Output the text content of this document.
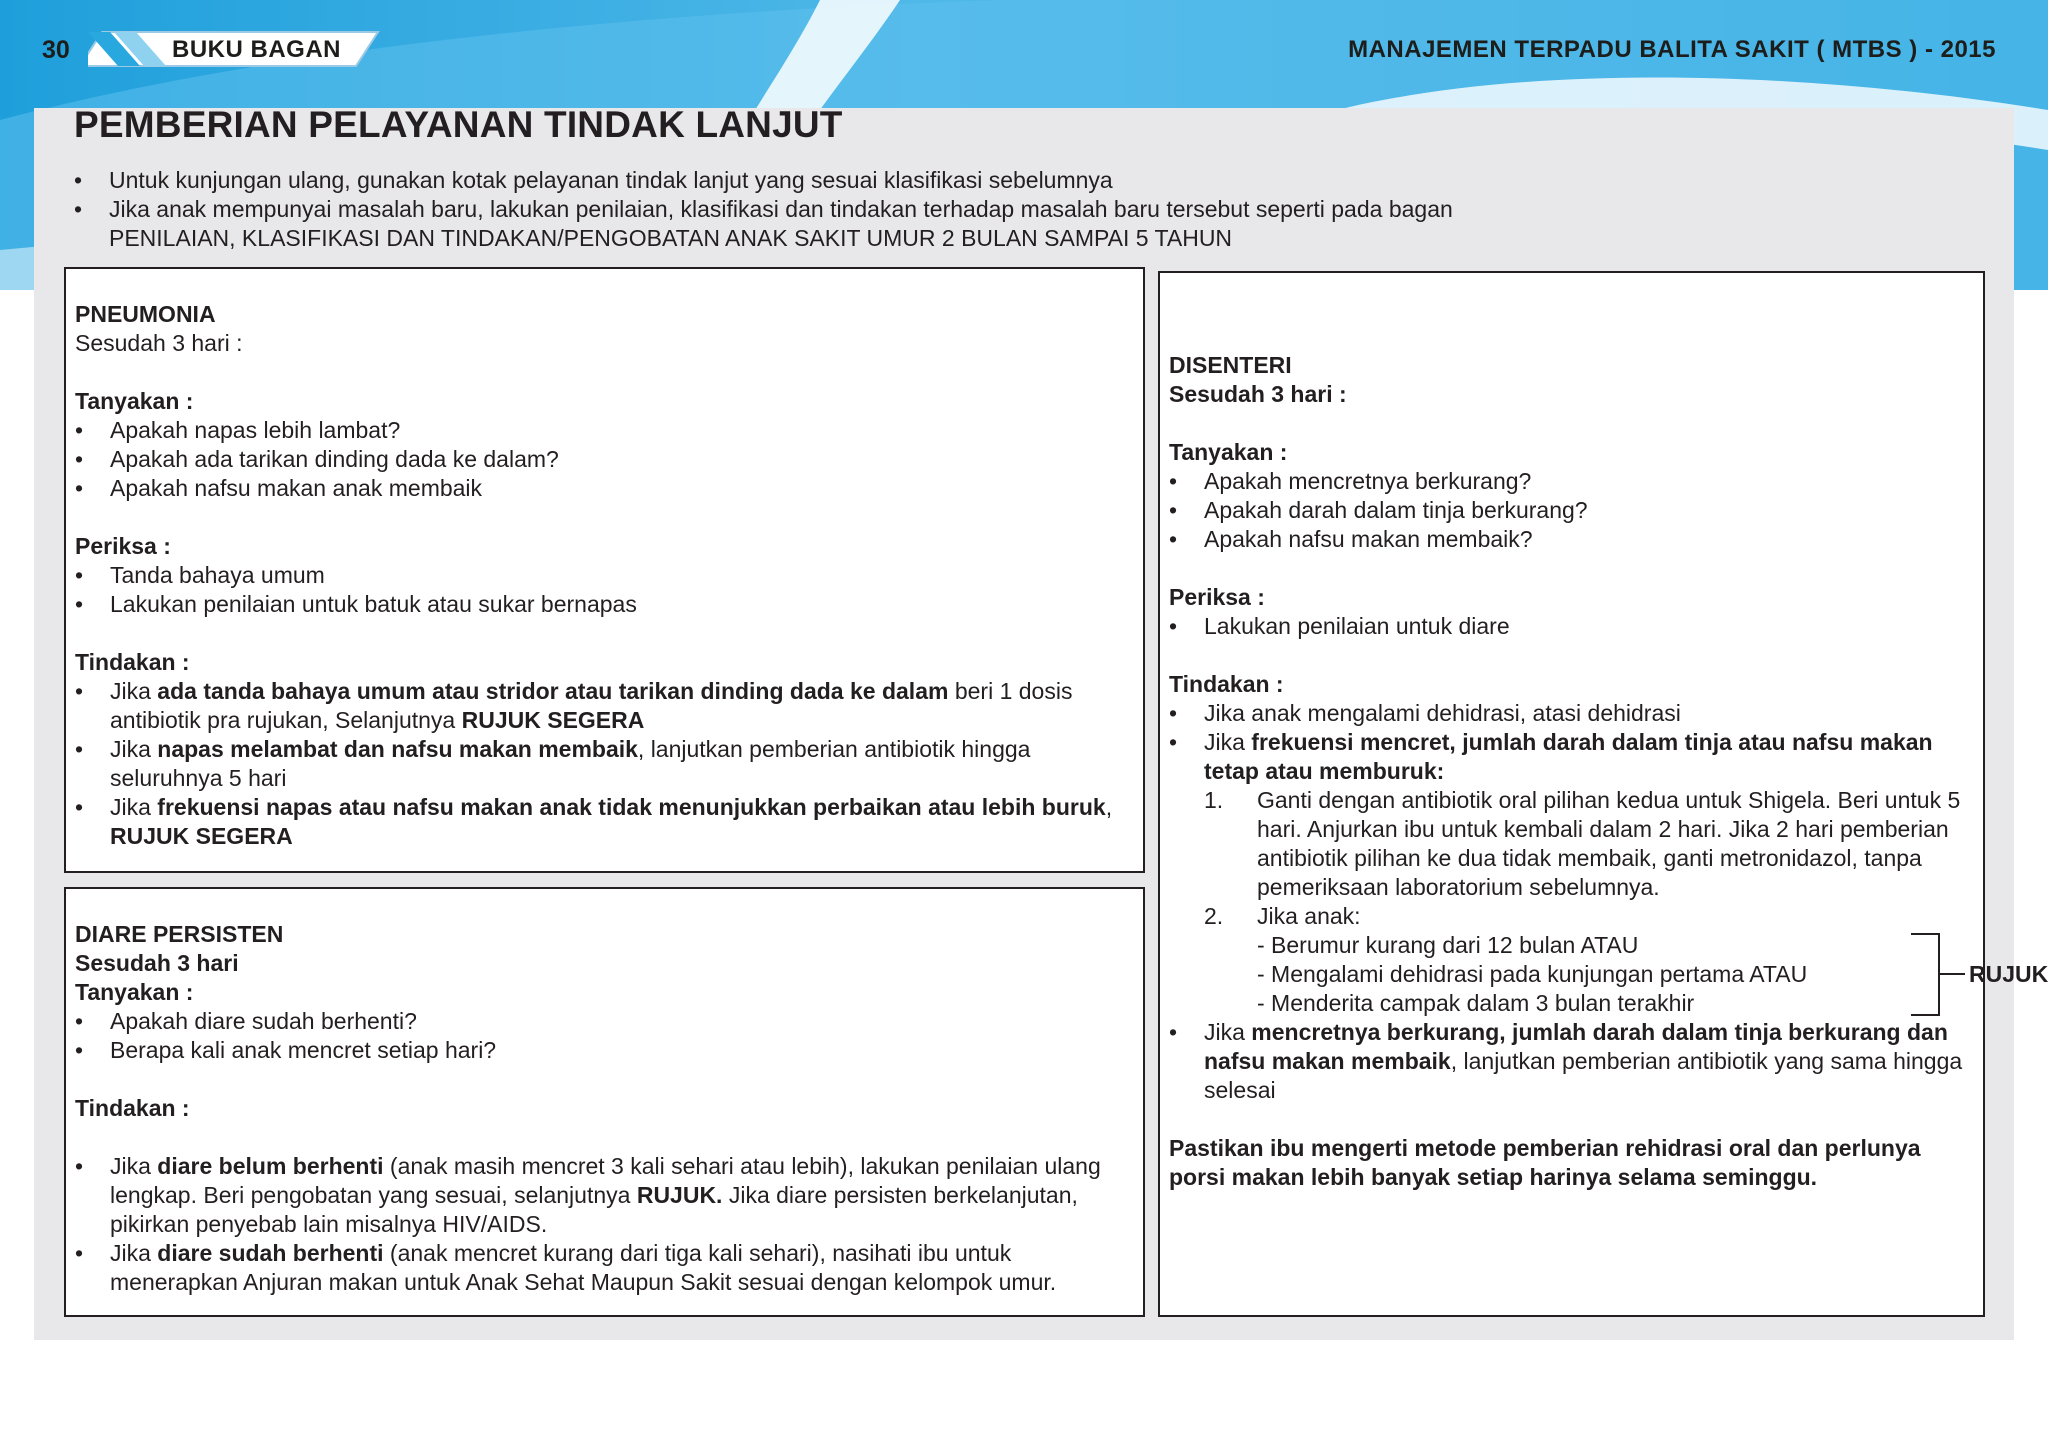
30	BUKU BAGAN	MANAJEMEN TERPADU BALITA SAKIT ( MTBS ) - 2015
PEMBERIAN PELAYANAN TINDAK LANJUT
• Untuk kunjungan ulang, gunakan kotak pelayanan tindak lanjut yang sesuai klasifikasi sebelumnya
• Jika anak mempunyai masalah baru, lakukan penilaian, klasifikasi dan tindakan terhadap masalah baru tersebut seperti pada bagan
PENILAIAN, KLASIFIKASI DAN TINDAKAN/PENGOBATAN ANAK SAKIT UMUR 2 BULAN SAMPAI 5 TAHUN
PNEUMONIA
Sesudah 3 hari :
Tanyakan :
• Apakah napas lebih lambat?
• Apakah ada tarikan dinding dada ke dalam?
• Apakah nafsu makan anak membaik
Periksa :
• Tanda bahaya umum
• Lakukan penilaian untuk batuk atau sukar bernapas
Tindakan :
• Jika ada tanda bahaya umum atau stridor atau tarikan dinding dada ke dalam beri 1 dosis antibiotik pra rujukan, Selanjutnya RUJUK SEGERA
• Jika napas melambat dan nafsu makan membaik, lanjutkan pemberian antibiotik hingga seluruhnya 5 hari
• Jika frekuensi napas atau nafsu makan anak tidak menunjukkan perbaikan atau lebih buruk, RUJUK SEGERA
DIARE PERSISTEN
Sesudah 3 hari
Tanyakan :
• Apakah diare sudah berhenti?
• Berapa kali anak mencret setiap hari?
Tindakan :
• Jika diare belum berhenti (anak masih mencret 3 kali sehari atau lebih), lakukan penilaian ulang lengkap. Beri pengobatan yang sesuai, selanjutnya RUJUK. Jika diare persisten berkelanjutan, pikirkan penyebab lain misalnya HIV/AIDS.
• Jika diare sudah berhenti (anak mencret kurang dari tiga kali sehari), nasihati ibu untuk menerapkan Anjuran makan untuk Anak Sehat Maupun Sakit sesuai dengan kelompok umur.
DISENTERI
Sesudah 3 hari :
Tanyakan :
• Apakah mencretnya berkurang?
• Apakah darah dalam tinja berkurang?
• Apakah nafsu makan membaik?
Periksa :
• Lakukan penilaian untuk diare
Tindakan :
• Jika anak mengalami dehidrasi, atasi dehidrasi
• Jika frekuensi mencret, jumlah darah dalam tinja atau nafsu makan tetap atau memburuk:
1. Ganti dengan antibiotik oral pilihan kedua untuk Shigela. Beri untuk 5 hari. Anjurkan ibu untuk kembali dalam 2 hari. Jika 2 hari pemberian antibiotik pilihan ke dua tidak membaik, ganti metronidazol, tanpa pemeriksaan laboratorium sebelumnya.
2. Jika anak:
- Berumur kurang dari 12 bulan ATAU
- Mengalami dehidrasi pada kunjungan pertama ATAU
- Menderita campak dalam 3 bulan terakhir
RUJUK
• Jika mencretnya berkurang, jumlah darah dalam tinja berkurang dan nafsu makan membaik, lanjutkan pemberian antibiotik yang sama hingga selesai
Pastikan ibu mengerti metode pemberian rehidrasi oral dan perlunya porsi makan lebih banyak setiap harinya selama seminggu.
